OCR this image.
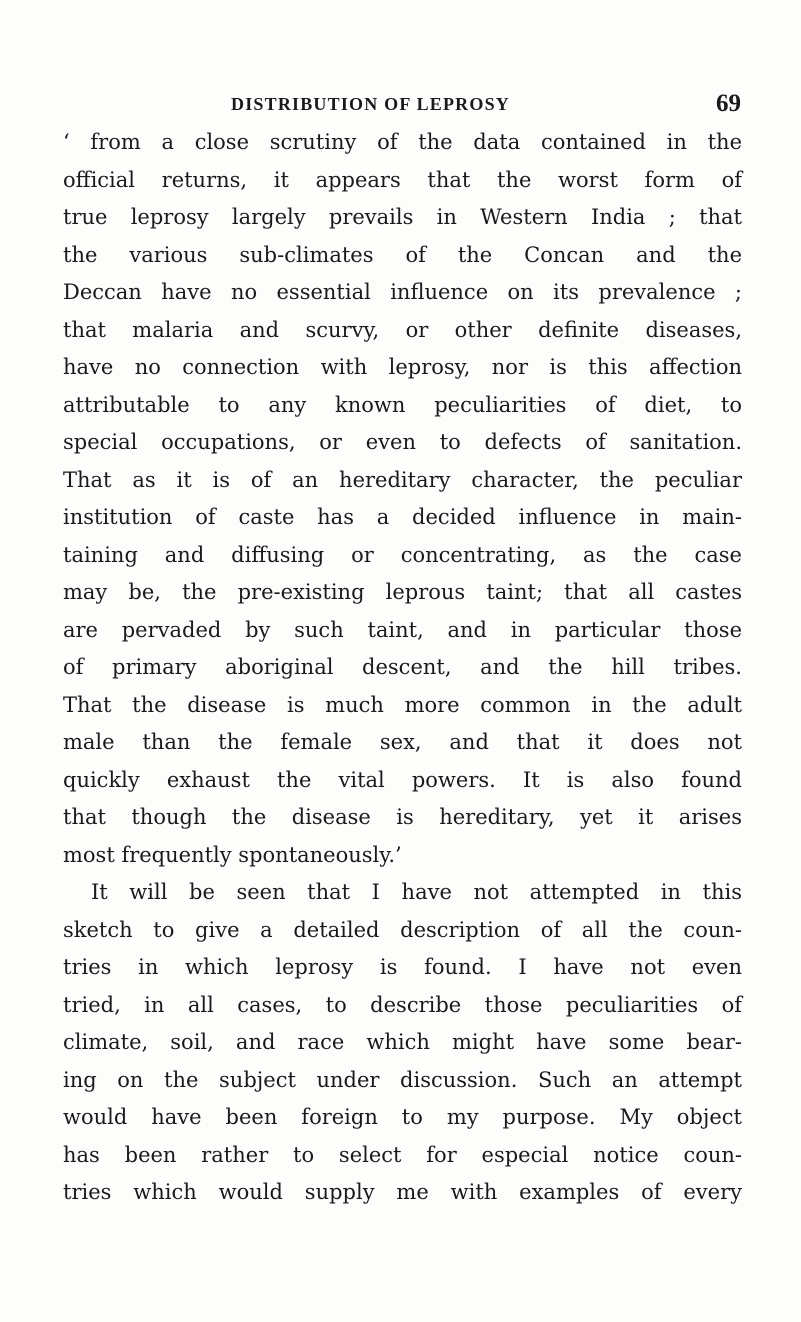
DISTRIBUTION OF LEPROSY	69
‘ from a close scrutiny of the data contained in the
official returns, it appears that the worst form of
true leprosy largely prevails in Western India ; that
the various sub-climates of the Concan and the
Deccan have no essential influence on its prevalence ;
that malaria and scurvy, or other definite diseases,
have no connection with leprosy, nor is this affection
attributable to any known peculiarities of diet, to
special occupations, or even to defects of sanitation.
That as it is of an hereditary character, the peculiar
institution of caste has a decided influence in main-
taining and diffusing or concentrating, as the case
may be, the pre-existing leprous taint; that all castes
are pervaded by such taint, and in particular those
of primary aboriginal descent, and the hill tribes.
That the disease is much more common in the adult
male than the female sex, and that it does not
quickly exhaust the vital powers. It is also found
that though the disease is hereditary, yet it arises
most frequently spontaneously.’
It will be seen that I have not attempted in this
sketch to give a detailed description of all the coun-
tries in which leprosy is found. I have not even
tried, in all cases, to describe those peculiarities of
climate, soil, and race which might have some bear-
ing on the subject under discussion. Such an attempt
would have been foreign to my purpose. My object
has been rather to select for especial notice coun-
tries which would supply me with examples of every
